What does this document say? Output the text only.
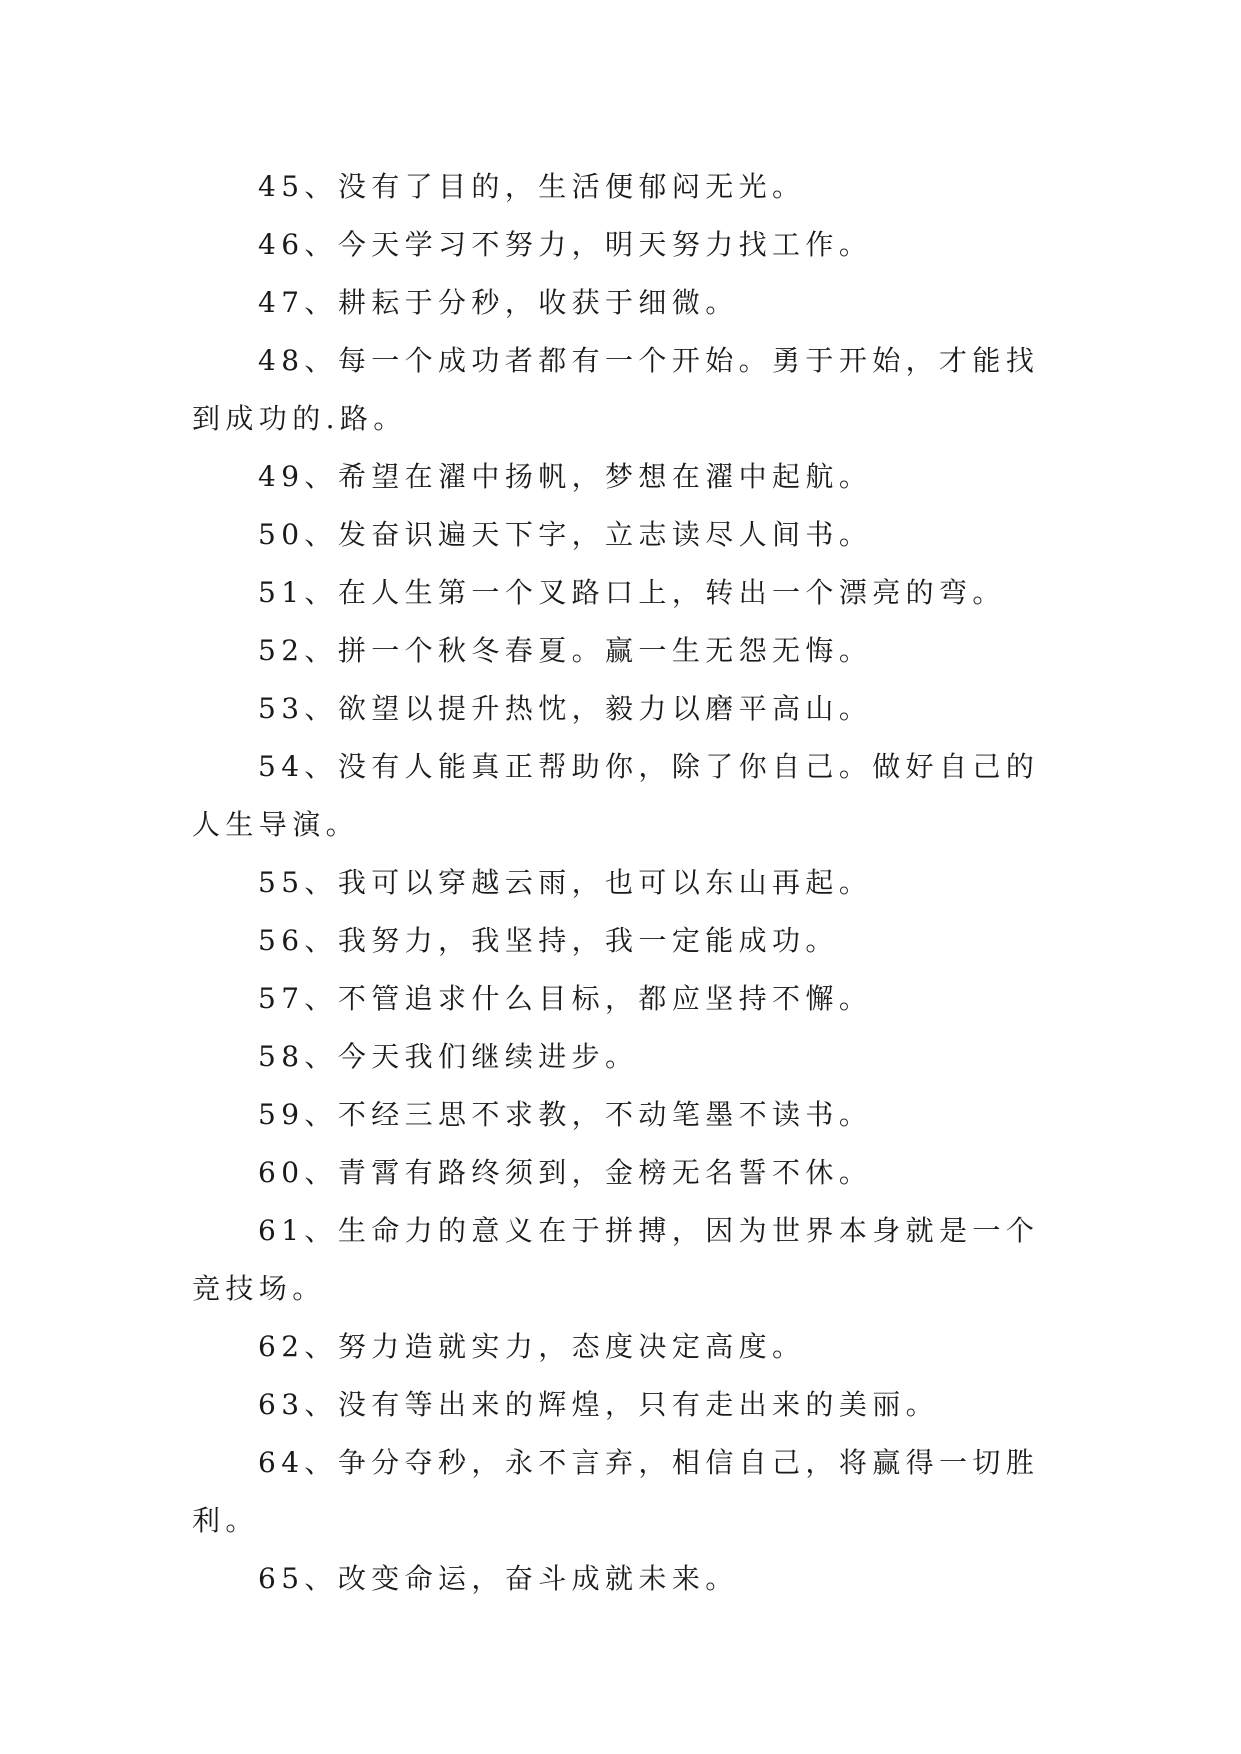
45、没有了目的，生活便郁闷无光。

46、今天学习不努力，明天努力找工作。

47、耕耘于分秒，收获于细微。

48、每一个成功者都有一个开始。勇于开始，才能找到成功的.路。

49、希望在濯中扬帆，梦想在濯中起航。

50、发奋识遍天下字，立志读尽人间书。

51、在人生第一个叉路口上，转出一个漂亮的弯。

52、拼一个秋冬春夏。赢一生无怨无悔。

53、欲望以提升热忱，毅力以磨平高山。

54、没有人能真正帮助你，除了你自己。做好自己的人生导演。

55、我可以穿越云雨，也可以东山再起。

56、我努力，我坚持，我一定能成功。

57、不管追求什么目标，都应坚持不懈。

58、今天我们继续进步。

59、不经三思不求教，不动笔墨不读书。

60、青霄有路终须到，金榜无名誓不休。

61、生命力的意义在于拼搏，因为世界本身就是一个竞技场。

62、努力造就实力，态度决定高度。

63、没有等出来的辉煌，只有走出来的美丽。

64、争分夺秒，永不言弃，相信自己，将赢得一切胜利。

65、改变命运，奋斗成就未来。
